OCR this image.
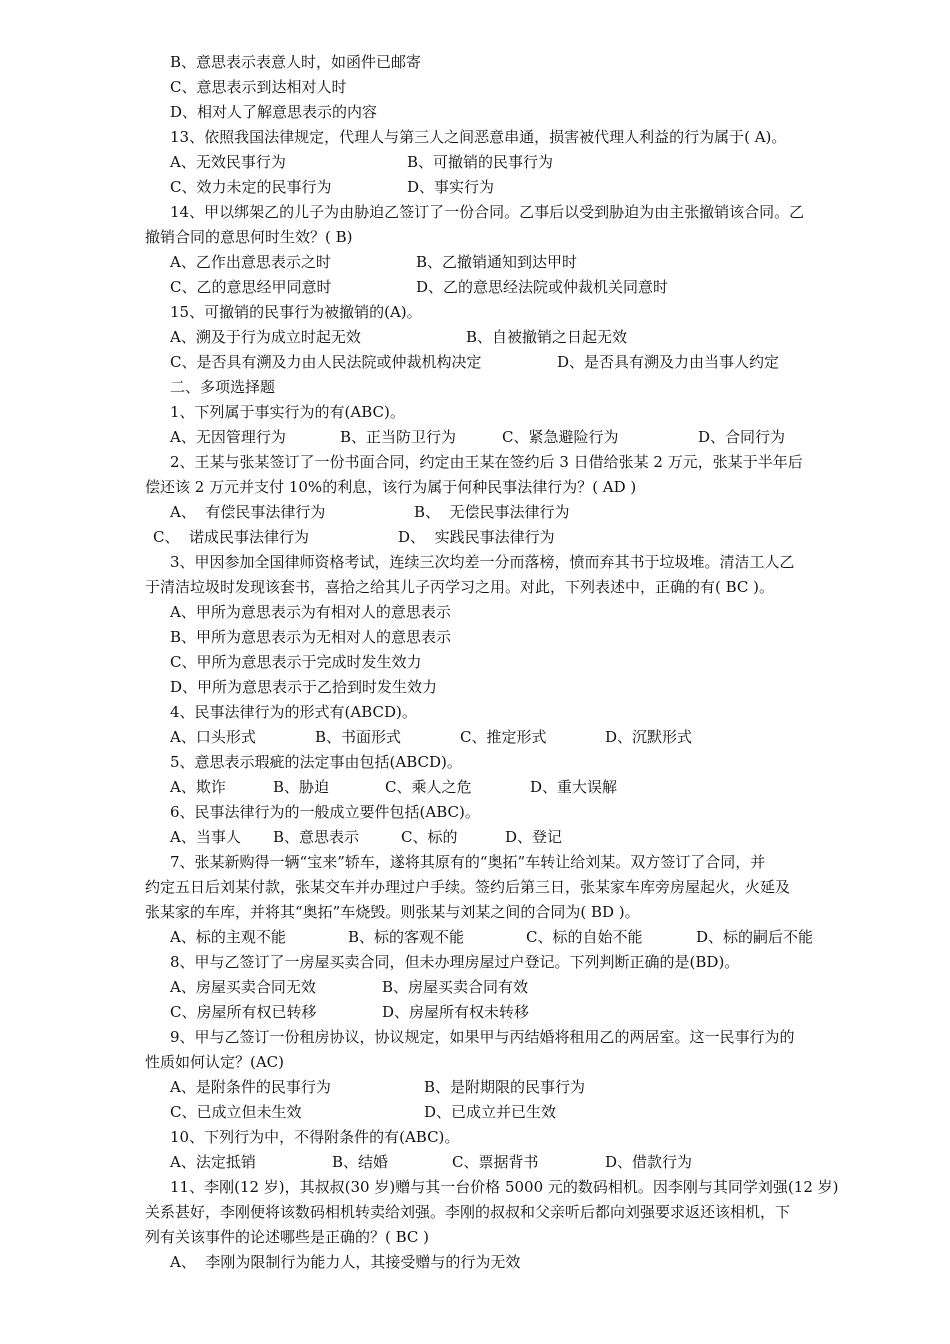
B、意思表示表意人时，如函件已邮寄
C、意思表示到达相对人时
D、相对人了解意思表示的内容
13、依照我国法律规定，代理人与第三人之间恶意串通，损害被代理人利益的行为属于( A)。
A、无效民事行为	B、可撤销的民事行为
C、效力未定的民事行为	D、事实行为
14、甲以绑架乙的儿子为由胁迫乙签订了一份合同。乙事后以受到胁迫为由主张撤销该合同。乙
撤销合同的意思何时生效？( B)
A、乙作出意思表示之时	B、乙撤销通知到达甲时
C、乙的意思经甲同意时	D、乙的意思经法院或仲裁机关同意时
15、可撤销的民事行为被撤销的(A)。
A、溯及于行为成立时起无效	B、自被撤销之日起无效
C、是否具有溯及力由人民法院或仲裁机构决定	D、是否具有溯及力由当事人约定
二、多项选择题
1、下列属于事实行为的有(ABC)。
A、无因管理行为	B、正当防卫行为	C、紧急避险行为	D、合同行为
2、王某与张某签订了一份书面合同，约定由王某在签约后 3 日借给张某 2 万元，张某于半年后
偿还该 2 万元并支付 10%的利息，该行为属于何种民事法律行为？( AD )
A、  有偿民事法律行为	B、  无偿民事法律行为
C、  诺成民事法律行为	D、  实践民事法律行为
3、甲因参加全国律师资格考试，连续三次均差一分而落榜，愤而弃其书于垃圾堆。清洁工人乙
于清洁垃圾时发现该套书，喜拾之给其儿子丙学习之用。对此，下列表述中，正确的有( BC )。
A、甲所为意思表示为有相对人的意思表示
B、甲所为意思表示为无相对人的意思表示
C、甲所为意思表示于完成时发生效力
D、甲所为意思表示于乙拾到时发生效力
4、民事法律行为的形式有(ABCD)。
A、口头形式	B、书面形式	C、推定形式	D、沉默形式
5、意思表示瑕疵的法定事由包括(ABCD)。
A、欺诈	B、胁迫	C、乘人之危	D、重大误解
6、民事法律行为的一般成立要件包括(ABC)。
A、当事人 B、意思表示	C、标的	D、登记
7、张某新购得一辆“宝来”轿车，遂将其原有的“奥拓”车转让给刘某。双方签订了合同，并
约定五日后刘某付款，张某交车并办理过户手续。签约后第三日，张某家车库旁房屋起火，火延及
张某家的车库，并将其“奥拓”车烧毁。则张某与刘某之间的合同为( BD )。
A、标的主观不能	B、标的客观不能	C、标的自始不能	D、标的嗣后不能
8、甲与乙签订了一房屋买卖合同，但未办理房屋过户登记。下列判断正确的是(BD)。
A、房屋买卖合同无效	B、房屋买卖合同有效
C、房屋所有权已转移	D、房屋所有权未转移
9、甲与乙签订一份租房协议，协议规定，如果甲与丙结婚将租用乙的两居室。这一民事行为的
性质如何认定？(AC)
A、是附条件的民事行为	B、是附期限的民事行为
C、已成立但未生效	D、已成立并已生效
10、下列行为中，不得附条件的有(ABC)。
A、法定抵销	B、结婚	C、票据背书	D、借款行为
11、李刚(12 岁)，其叔叔(30 岁)赠与其一台价格 5000 元的数码相机。因李刚与其同学刘强(12 岁)
关系甚好，李刚便将该数码相机转卖给刘强。李刚的叔叔和父亲听后都向刘强要求返还该相机，下
列有关该事件的论述哪些是正确的？( BC )
A、  李刚为限制行为能力人，其接受赠与的行为无效
